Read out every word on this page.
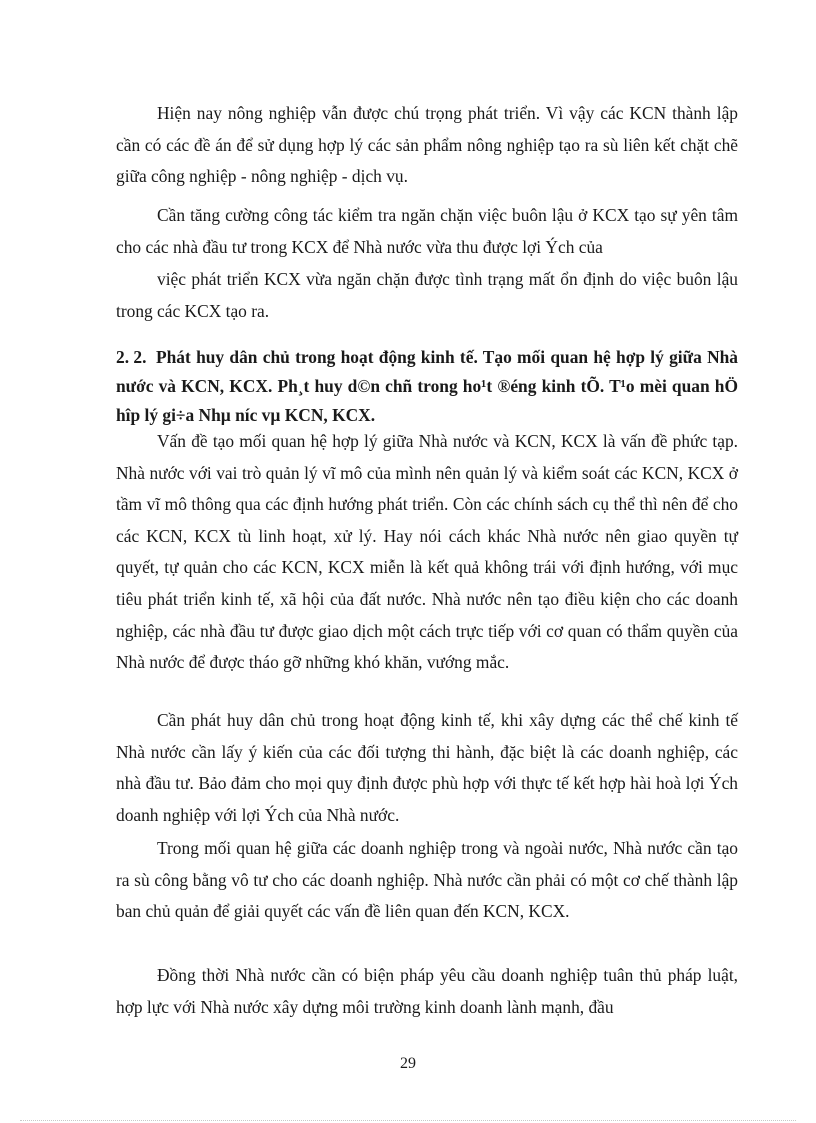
Hiện nay nông nghiệp vẫn được chú trọng phát triển. Vì vậy các KCN thành lập cần có các đề án để sử dụng hợp lý các sản phẩm nông nghiệp tạo ra sù liên kết chặt chẽ giữa công nghiệp - nông nghiệp - dịch vụ.

Cần tăng cường công tác kiểm tra ngăn chặn việc buôn lậu ở KCX tạo sự yên tâm cho các nhà đầu tư trong KCX để Nhà nước vừa thu được lợi Ých của

việc phát triển KCX vừa ngăn chặn được tình trạng mất ổn định do việc buôn lậu trong các KCX tạo ra.

2. 2. Phát huy dân chủ trong hoạt động kinh tế. Tạo mối quan hệ hợp lý giữa Nhà nước và KCN, KCX. Ph¸t huy d©n chñ trong ho¹t ®éng kinh tÕ. T¹o mèi quan hÖ hîp lý gi÷a Nhµ níc vµ KCN, KCX.

Vấn đề tạo mối quan hệ hợp lý giữa Nhà nước và KCN, KCX là vấn đề phức tạp. Nhà nước với vai trò quản lý vĩ mô của mình nên quản lý và kiểm soát các KCN, KCX ở tầm vĩ mô thông qua các định hướng phát triển. Còn các chính sách cụ thể thì nên để cho các KCN, KCX tù linh hoạt, xử lý. Hay nói cách khác Nhà nước nên giao quyền tự quyết, tự quản cho các KCN, KCX miễn là kết quả không trái với định hướng, với mục tiêu phát triển kinh tế, xã hội của đất nước. Nhà nước nên tạo điều kiện cho các doanh nghiệp, các nhà đầu tư được giao dịch một cách trực tiếp với cơ quan có thẩm quyền của Nhà nước để được tháo gỡ những khó khăn, vướng mắc.

Cần phát huy dân chủ trong hoạt động kinh tế, khi xây dựng các thể chế kinh tế Nhà nước cần lấy ý kiến của các đối tượng thi hành, đặc biệt là các doanh nghiệp, các nhà đầu tư. Bảo đảm cho mọi quy định được phù hợp với thực tế kết hợp hài hoà lợi Ých doanh nghiệp với lợi Ých của Nhà nước.

Trong mối quan hệ giữa các doanh nghiệp trong và ngoài nước, Nhà nước cần tạo ra sù công bằng vô tư cho các doanh nghiệp. Nhà nước cần phải có một cơ chế thành lập ban chủ quản để giải quyết các vấn đề liên quan đến KCN, KCX.

Đồng thời Nhà nước cần có biện pháp yêu cầu doanh nghiệp tuân thủ pháp luật, hợp lực với Nhà nước xây dựng môi trường kinh doanh lành mạnh, đầu

29
